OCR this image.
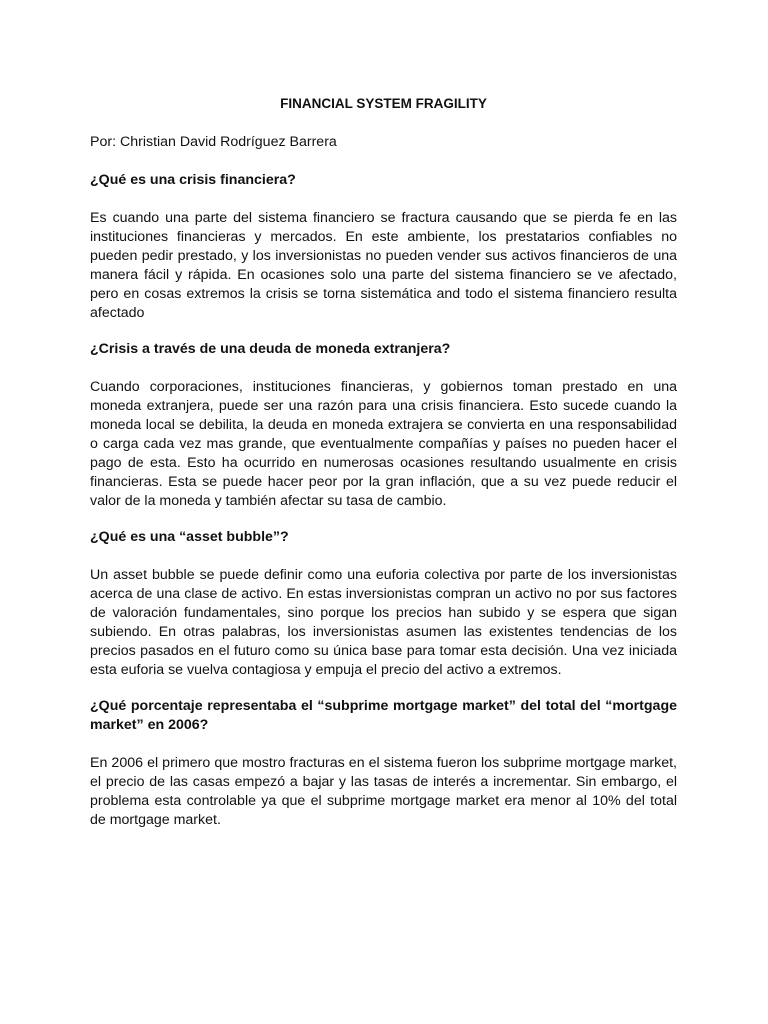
FINANCIAL SYSTEM FRAGILITY
Por: Christian David Rodríguez Barrera
¿Qué es una crisis financiera?
Es cuando una parte del sistema financiero se fractura causando que se pierda fe en las instituciones financieras y mercados. En este ambiente, los prestatarios confiables no pueden pedir prestado, y los inversionistas no pueden vender sus activos financieros de una manera fácil y rápida. En ocasiones solo una parte del sistema financiero se ve afectado, pero en cosas extremos la crisis se torna sistemática and todo el sistema financiero resulta afectado
¿Crisis a través de una deuda de moneda extranjera?
Cuando corporaciones, instituciones financieras, y gobiernos toman prestado en una moneda extranjera, puede ser una razón para una crisis financiera. Esto sucede cuando la moneda local se debilita, la deuda en moneda extrajera se convierta en una responsabilidad o carga cada vez mas grande, que eventualmente compañías y países no pueden hacer el pago de esta. Esto ha ocurrido en numerosas ocasiones resultando usualmente en crisis financieras. Esta se puede hacer peor por la gran inflación, que a su vez puede reducir el valor de la moneda y también afectar su tasa de cambio.
¿Qué es una “asset bubble”?
Un asset bubble se puede definir como una euforia colectiva por parte de los inversionistas acerca de una clase de activo. En estas inversionistas compran un activo no por sus factores de valoración fundamentales, sino porque los precios han subido y se espera que sigan subiendo. En otras palabras, los inversionistas asumen las existentes tendencias de los precios pasados en el futuro como su única base para tomar esta decisión. Una vez iniciada esta euforia se vuelva contagiosa y empuja el precio del activo a extremos.
¿Qué porcentaje representaba el “subprime mortgage market” del total del “mortgage market” en 2006?
En 2006 el primero que mostro fracturas en el sistema fueron los subprime mortgage market, el precio de las casas empezó a bajar y las tasas de interés a incrementar. Sin embargo, el problema esta controlable ya que el subprime mortgage market era menor al 10% del total de mortgage market.
